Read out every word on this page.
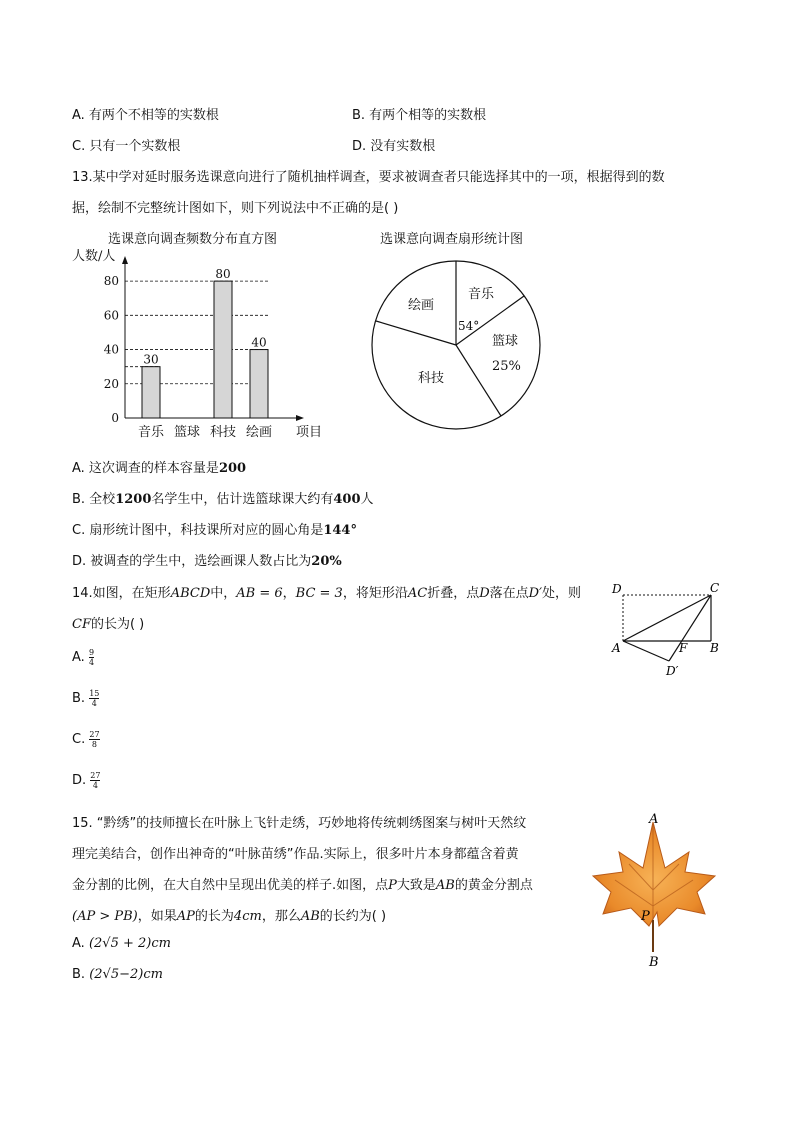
A. 有两个不相等的实数根	B. 有两个相等的实数根
C. 只有一个实数根	D. 没有实数根
13.某中学对延时服务选课意向进行了随机抽样调查，要求被调查者只能选择其中的一项，根据得到的数
据，绘制不完整统计图如下，则下列说法中不正确的是( )
选课意向调查频数分布直方图
人数/人
项目
0
20
40
60
80
30
音乐 篮球
80
科技
40
绘画
选课意向调查扇形统计图
音乐
54°
篮球
25%
科技
绘画
A. 这次调查的样本容量是200
B. 全校1200名学生中，估计选篮球课大约有400人
C. 扇形统计图中，科技课所对应的圆心角是144°
D. 被调查的学生中，选绘画课人数占比为20%
14.如图，在矩形ABCD中，AB = 6，BC = 3，将矩形沿AC折叠，点D落在点D′处，则
CF的长为( )
A. $\frac{9}{4}$
B. $\frac{15}{4}$
C. $\frac{27}{8}$
D. $\frac{27}{4}$
D	C
A	F B
D′
15. “黔绣”的技师擅长在叶脉上飞针走绣，巧妙地将传统刺绣图案与树叶天然纹
理完美结合，创作出神奇的“叶脉苗绣”作品.实际上，很多叶片本身都蕴含着黄
金分割的比例，在大自然中呈现出优美的样子.如图，点P大致是AB的黄金分割点
(AP > PB)，如果AP的长为4cm，那么AB的长约为( )
A. (2√5 + 2)cm
B. (2√5−2)cm
A
P
B
